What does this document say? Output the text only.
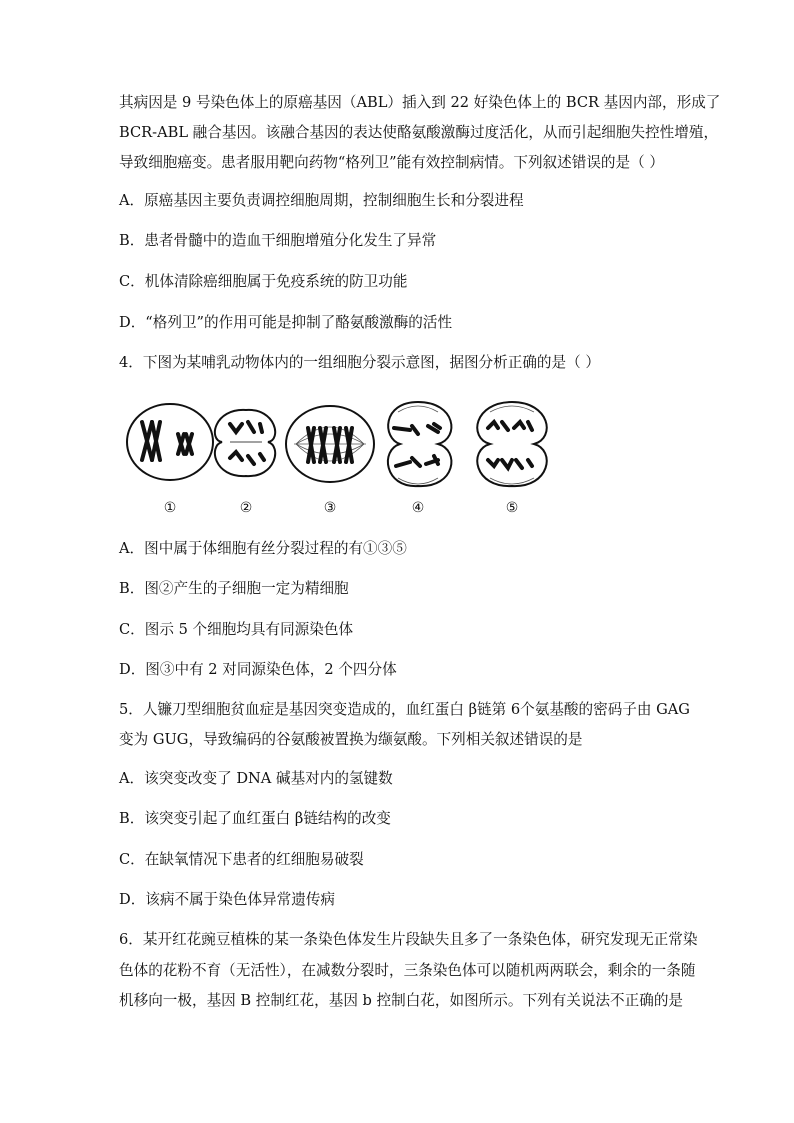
其病因是 9 号染色体上的原癌基因（ABL）插入到 22 好染色体上的 BCR 基因内部，形成了
BCR-ABL 融合基因。该融合基因的表达使酪氨酸激酶过度活化，从而引起细胞失控性增殖，
导致细胞癌变。患者服用靶向药物“格列卫”能有效控制病情。下列叙述错误的是（ ）
A．原癌基因主要负责调控细胞周期，控制细胞生长和分裂进程
B．患者骨髓中的造血干细胞增殖分化发生了异常
C．机体清除癌细胞属于免疫系统的防卫功能
D．“格列卫”的作用可能是抑制了酪氨酸激酶的活性
4．下图为某哺乳动物体内的一组细胞分裂示意图，据图分析正确的是（ ）
①	②	③	④	⑤
A．图中属于体细胞有丝分裂过程的有①③⑤
B．图②产生的子细胞一定为精细胞
C．图示 5 个细胞均具有同源染色体
D．图③中有 2 对同源染色体，2 个四分体
5．人镰刀型细胞贫血症是基因突变造成的，血红蛋白 β链第 6个氨基酸的密码子由 GAG
变为 GUG，导致编码的谷氨酸被置换为缬氨酸。下列相关叙述错误的是
A．该突变改变了 DNA 碱基对内的氢键数
B．该突变引起了血红蛋白 β链结构的改变
C．在缺氧情况下患者的红细胞易破裂
D．该病不属于染色体异常遗传病
6．某开红花豌豆植株的某一条染色体发生片段缺失且多了一条染色体，研究发现无正常染
色体的花粉不育（无活性），在减数分裂时，三条染色体可以随机两两联会，剩余的一条随
机移向一极，基因 B 控制红花，基因 b 控制白花，如图所示。下列有关说法不正确的是
